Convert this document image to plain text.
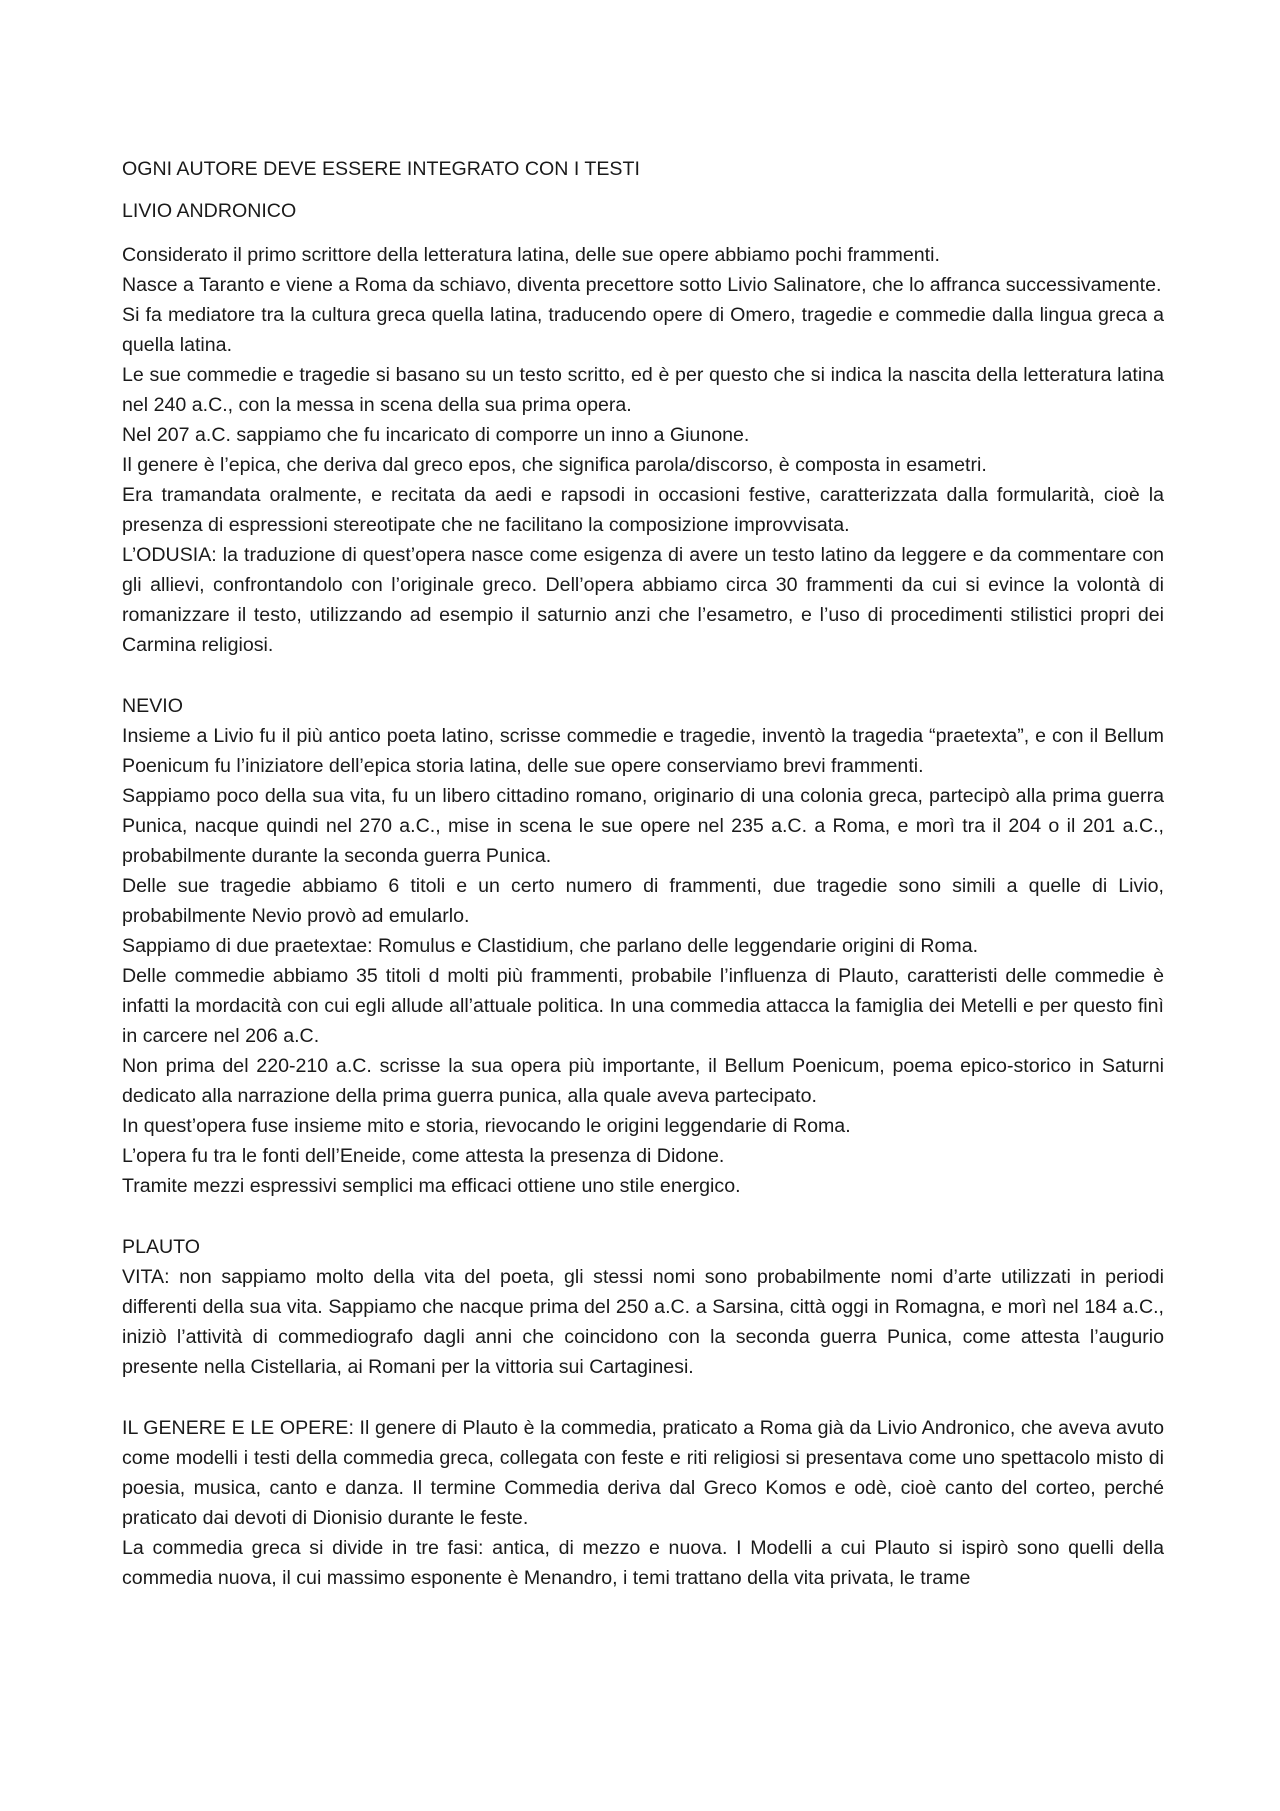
OGNI AUTORE DEVE ESSERE INTEGRATO CON I TESTI

LIVIO ANDRONICO

Considerato il primo scrittore della letteratura latina, delle sue opere abbiamo pochi frammenti.

Nasce a Taranto e viene a Roma da schiavo, diventa precettore sotto Livio Salinatore, che lo affranca successivamente.

Si fa mediatore tra la cultura greca quella latina, traducendo opere di Omero, tragedie e commedie dalla lingua greca a quella latina.

Le sue commedie e tragedie si basano su un testo scritto, ed è per questo che si indica la nascita della letteratura latina nel 240 a.C., con la messa in scena della sua prima opera.

Nel 207 a.C. sappiamo che fu incaricato di comporre un inno a Giunone.

Il genere è l’epica, che deriva dal greco epos, che significa parola/discorso, è composta in esametri.

Era tramandata oralmente, e recitata da aedi e rapsodi in occasioni festive, caratterizzata dalla formularità, cioè la presenza di espressioni stereotipate che ne facilitano la composizione improvvisata.

L’ODUSIA: la traduzione di quest’opera nasce come esigenza di avere un testo latino da leggere e da commentare con gli allievi, confrontandolo con l’originale greco. Dell’opera abbiamo circa 30 frammenti da cui si evince la volontà di romanizzare il testo, utilizzando ad esempio il saturnio anzi che l’esametro, e l’uso di procedimenti stilistici propri dei Carmina religiosi.

NEVIO

Insieme a Livio fu il più antico poeta latino, scrisse commedie e tragedie, inventò la tragedia “praetexta”, e con il Bellum Poenicum fu l’iniziatore dell’epica storia latina, delle sue opere conserviamo brevi frammenti.

Sappiamo poco della sua vita, fu un libero cittadino romano, originario di una colonia greca, partecipò alla prima guerra Punica, nacque quindi nel 270 a.C., mise in scena le sue opere nel 235 a.C. a Roma, e morì tra il 204 o il 201 a.C., probabilmente durante la seconda guerra Punica.

Delle sue tragedie abbiamo 6 titoli e un certo numero di frammenti, due tragedie sono simili a quelle di Livio, probabilmente Nevio provò ad emularlo.

Sappiamo di due praetextae: Romulus e Clastidium, che parlano delle leggendarie origini di Roma.

Delle commedie abbiamo 35 titoli d molti più frammenti, probabile l’influenza di Plauto, caratteristi delle commedie è infatti la mordacità con cui egli allude all’attuale politica. In una commedia attacca la famiglia dei Metelli e per questo finì in carcere nel 206 a.C.

Non prima del 220-210 a.C. scrisse la sua opera più importante, il Bellum Poenicum, poema epico-storico in Saturni dedicato alla narrazione della prima guerra punica, alla quale aveva partecipato.

In quest’opera fuse insieme mito e storia, rievocando le origini leggendarie di Roma.

L’opera fu tra le fonti dell’Eneide, come attesta la presenza di Didone.

Tramite mezzi espressivi semplici ma efficaci ottiene uno stile energico.

PLAUTO

VITA: non sappiamo molto della vita del poeta, gli stessi nomi sono probabilmente nomi d’arte utilizzati in periodi differenti della sua vita. Sappiamo che nacque prima del 250 a.C. a Sarsina, città oggi in Romagna, e morì nel 184 a.C., iniziò l’attività di commediografo dagli anni che coincidono con la seconda guerra Punica, come attesta l’augurio presente nella Cistellaria, ai Romani per la vittoria sui Cartaginesi.

IL GENERE E LE OPERE: Il genere di Plauto è la commedia, praticato a Roma già da Livio Andronico, che aveva avuto come modelli i testi della commedia greca, collegata con feste e riti religiosi si presentava come uno spettacolo misto di poesia, musica, canto e danza. Il termine Commedia deriva dal Greco Komos e odè, cioè canto del corteo, perché praticato dai devoti di Dionisio durante le feste.

La commedia greca si divide in tre fasi: antica, di mezzo e nuova. I Modelli a cui Plauto si ispirò sono quelli della commedia nuova, il cui massimo esponente è Menandro, i temi trattano della vita privata, le trame
